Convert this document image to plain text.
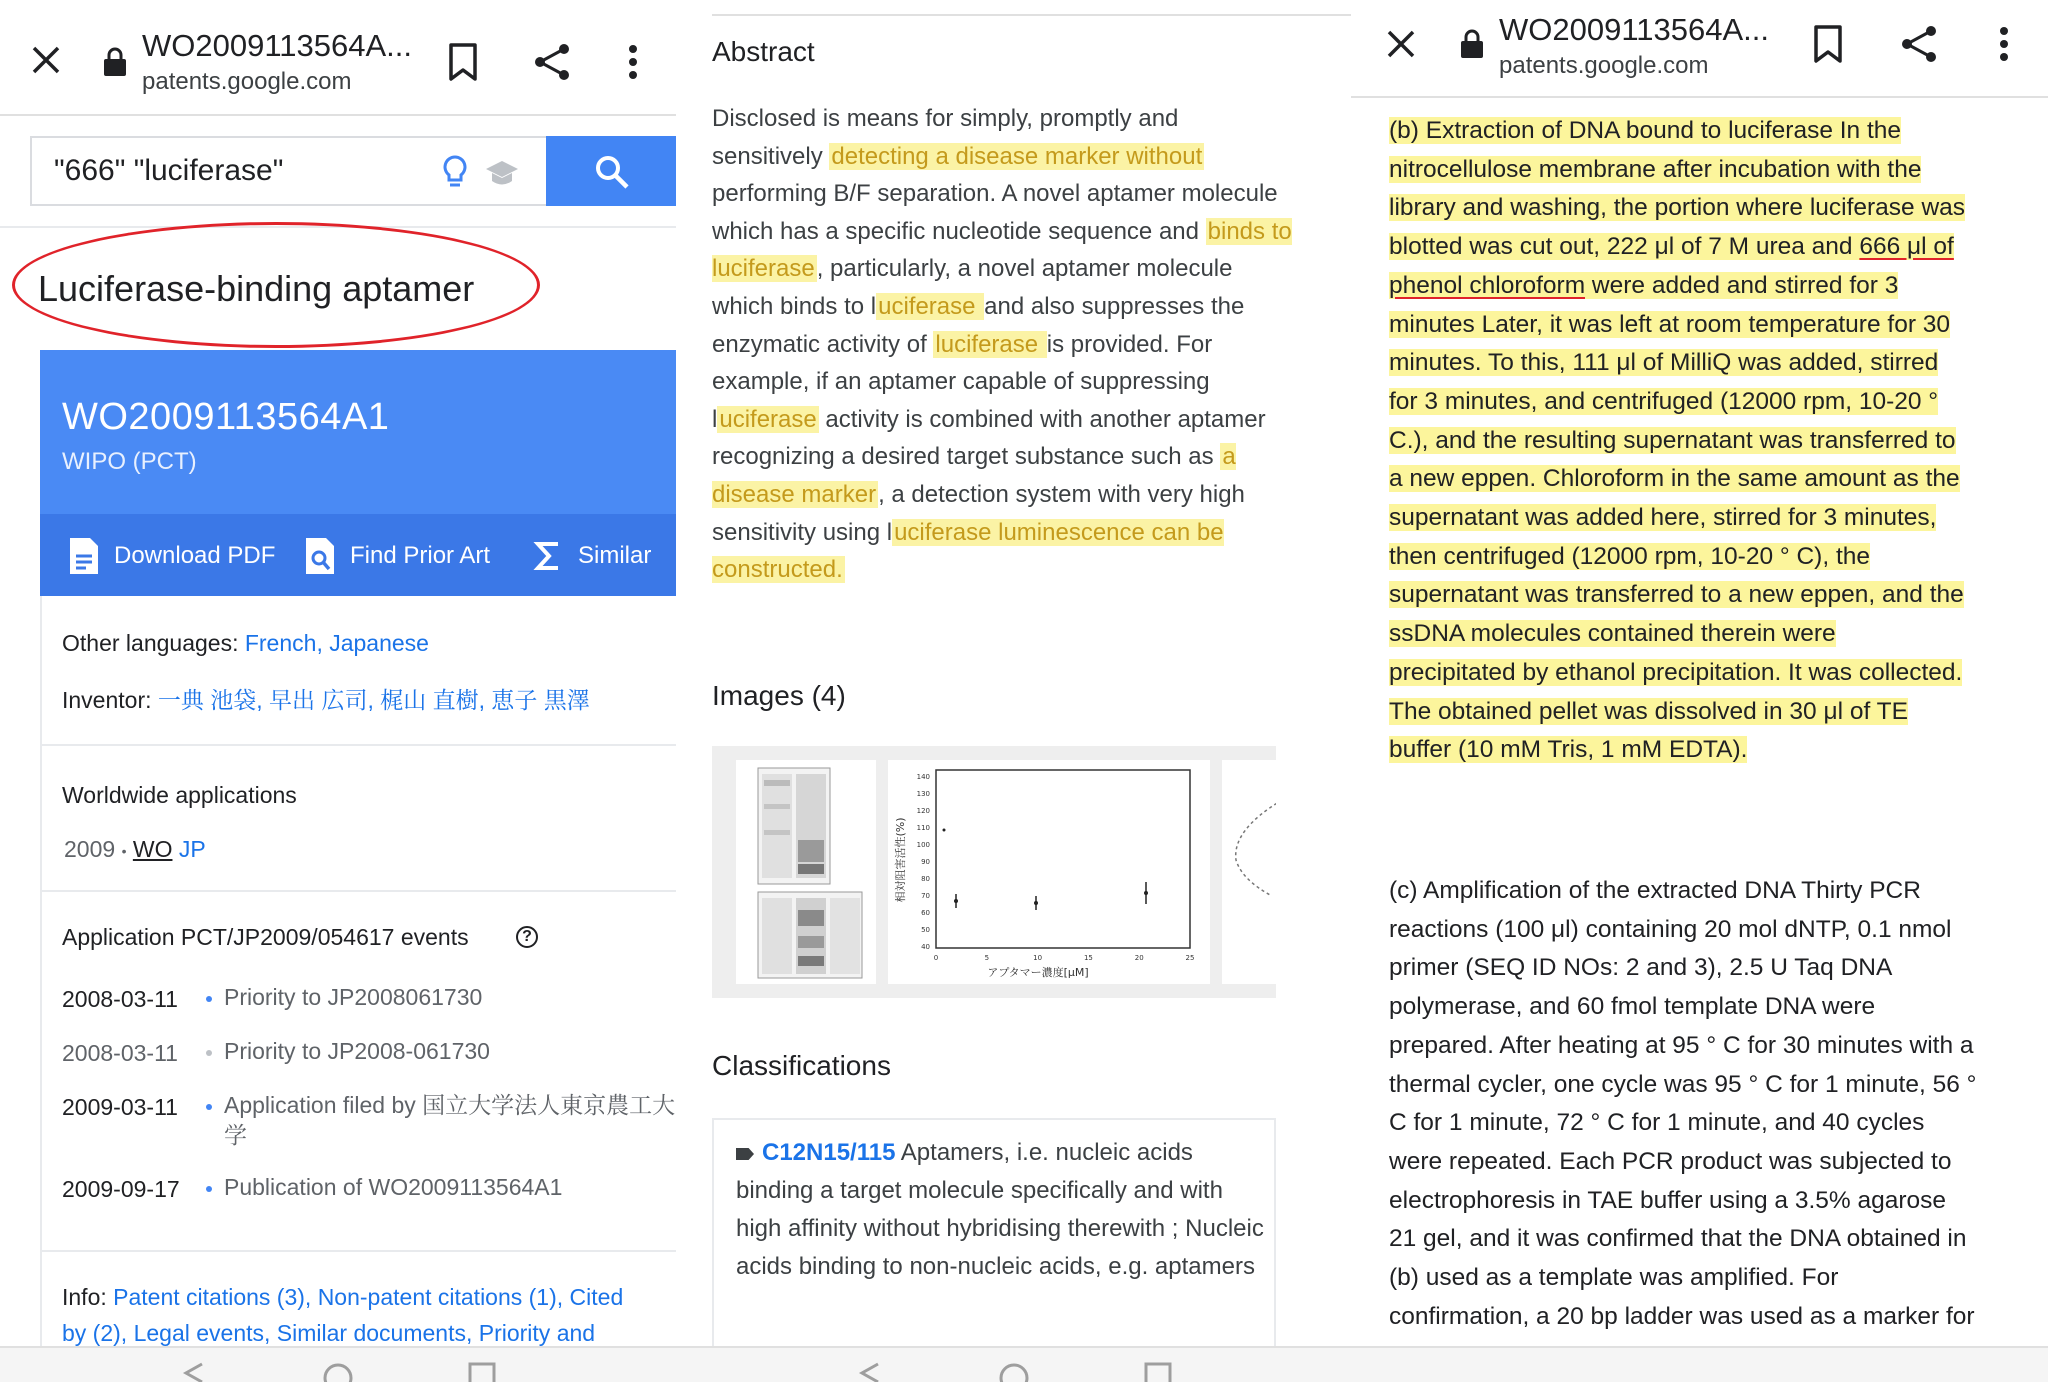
WO2009113564A...
patents.google.com
"666" "luciferase"
Luciferase-binding aptamer
WO2009113564A1
WIPO (PCT)
Download PDF	Find Prior Art	Similar
Other languages: French, Japanese
Inventor: 一典 池袋, 早出 広司, 梶山 直樹, 恵子 黒澤
Worldwide applications
2009 • WO JP
Application PCT/JP2009/054617 events	?
2008-03-11 Priority to JP2008061730
2008-03-11 Priority to JP2008-061730
2009-03-11 Application filed by 国立大学法人東京農工大学
2009-09-17 Publication of WO2009113564A1
Info: Patent citations (3), Non-patent citations (1), Cited
by (2), Legal events, Similar documents, Priority and
Abstract
Disclosed is means for simply, promptly and sensitively detecting a disease marker without performing B/F separation. A novel aptamer molecule which has a specific nucleotide sequence and binds to luciferase, particularly, a novel aptamer molecule which binds to luciferase and also suppresses the enzymatic activity of luciferase is provided. For example, if an aptamer capable of suppressing luciferase activity is combined with another aptamer recognizing a desired target substance such as a disease marker, a detection system with very high sensitivity using luciferase luminescence can be constructed.
Images (4)
相対阻害活性(%)
アプタマー濃度[μM]
140
130
120
110
100
90
80
70
60
50
40
0	5	10	15	20	25
Classifications
C12N15/115 Aptamers, i.e. nucleic acids binding a target molecule specifically and with high affinity without hybridising therewith ; Nucleic acids binding to non-nucleic acids, e.g. aptamers
WO2009113564A...
patents.google.com
(b) Extraction of DNA bound to luciferase In the nitrocellulose membrane after incubation with the library and washing, the portion where luciferase was blotted was cut out, 222 μl of 7 M urea and 666 μl of phenol chloroform were added and stirred for 3 minutes Later, it was left at room temperature for 30 minutes. To this, 111 μl of MilliQ was added, stirred for 3 minutes, and centrifuged (12000 rpm, 10-20 ° C.), and the resulting supernatant was transferred to a new eppen. Chloroform in the same amount as the supernatant was added here, stirred for 3 minutes, then centrifuged (12000 rpm, 10-20 ° C), the supernatant was transferred to a new eppen, and the ssDNA molecules contained therein were precipitated by ethanol precipitation. It was collected. The obtained pellet was dissolved in 30 μl of TE buffer (10 mM Tris, 1 mM EDTA).
(c) Amplification of the extracted DNA Thirty PCR reactions (100 μl) containing 20 mol dNTP, 0.1 nmol primer (SEQ ID NOs: 2 and 3), 2.5 U Taq DNA polymerase, and 60 fmol template DNA were prepared. After heating at 95 ° C for 30 minutes with a thermal cycler, one cycle was 95 ° C for 1 minute, 56 ° C for 1 minute, 72 ° C for 1 minute, and 40 cycles were repeated. Each PCR product was subjected to electrophoresis in TAE buffer using a 3.5% agarose 21 gel, and it was confirmed that the DNA obtained in (b) used as a template was amplified. For confirmation, a 20 bp ladder was used as a marker for
